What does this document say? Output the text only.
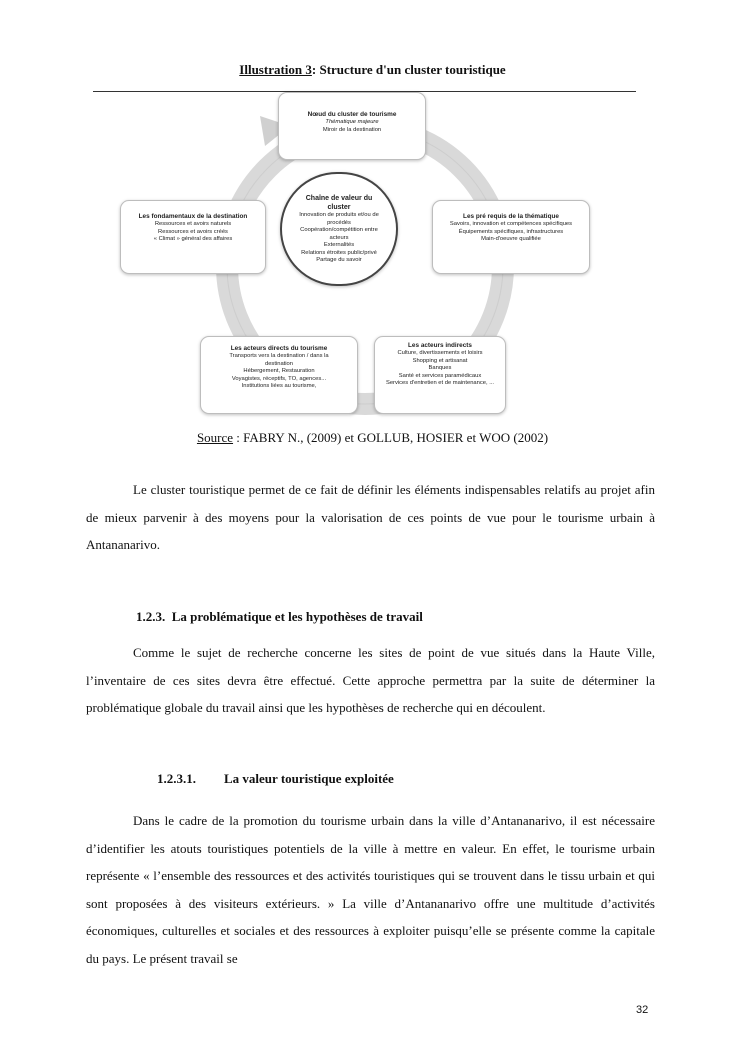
Illustration 3: Structure d'un cluster touristique
Chaîne de valeur du cluster
Innovation de produits et/ou de procédés
Coopération/compétition entre acteurs
Externalités
Relations étroites public/privé
Partage du savoir
Nœud du cluster de tourisme
Thématique majeure
Miroir de la destination
Les pré requis de la thématique
Savoirs, innovation et compétences spécifiques
Équipements spécifiques, infrastructures
Main-d'oeuvre qualifiée
Les fondamentaux de la destination
Ressources et avoirs naturels
Ressources et avoirs créés
« Climat » général des affaires
Les acteurs directs du tourisme
Transports vers la destination / dans la destination
Hébergement, Restauration
Voyagistes, réceptifs, TO, agences...
Institutions liées au tourisme,
Les acteurs indirects
Culture, divertissements et loisirs
Shopping et artisanat
Banques
Santé et services paramédicaux
Services d'entretien et de maintenance, ...
Source : FABRY N., (2009) et GOLLUB, HOSIER et WOO (2002)
Le cluster touristique permet de ce fait de définir les éléments indispensables relatifs au projet afin de mieux parvenir à des moyens pour la valorisation de ces points de vue pour le tourisme urbain à Antananarivo.
1.2.3. La problématique et les hypothèses de travail
Comme le sujet de recherche concerne les sites de point de vue situés dans la Haute Ville, l’inventaire de ces sites devra être effectué. Cette approche permettra par la suite de déterminer la problématique globale du travail ainsi que les hypothèses de recherche qui en découlent.
1.2.3.1. La valeur touristique exploitée
Dans le cadre de la promotion du tourisme urbain dans la ville d’Antananarivo, il est nécessaire d’identifier les atouts touristiques potentiels de la ville à mettre en valeur. En effet, le tourisme urbain représente « l’ensemble des ressources et des activités touristiques qui se trouvent dans le tissu urbain et qui sont proposées à des visiteurs extérieurs. » La ville d’Antananarivo offre une multitude d’activités économiques, culturelles et sociales et des ressources à exploiter puisqu’elle se présente comme la capitale du pays. Le présent travail se
32
